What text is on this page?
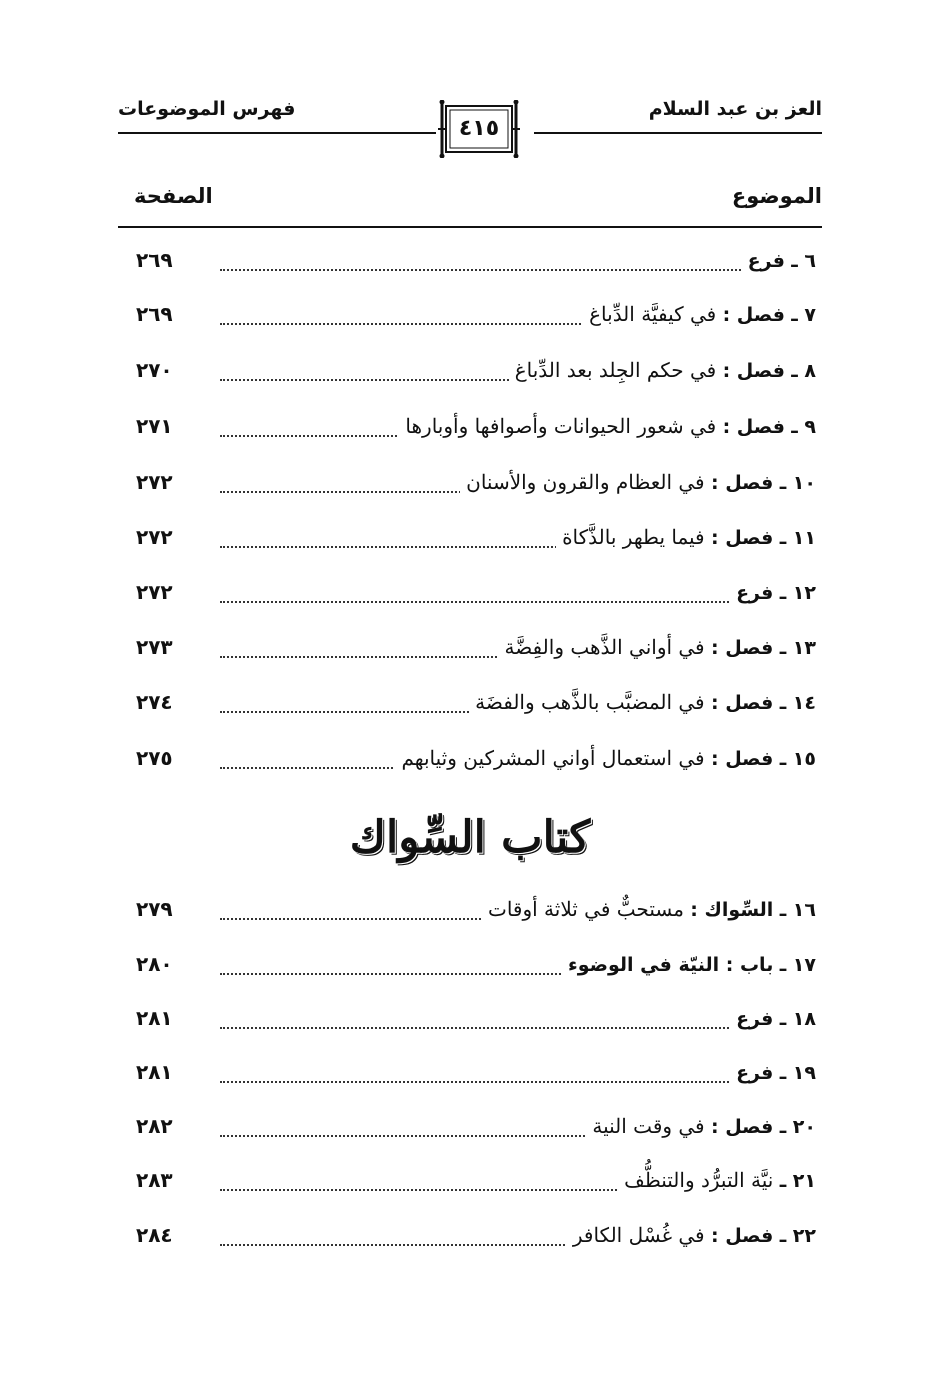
العز بن عبد السلام
٤١٥
فهرس الموضوعات
الموضوع
الصفحة
٦ ـ فرع
٢٦٩
٧ ـ فصل : في كيفيَّة الدِّباغ
٢٦٩
٨ ـ فصل : في حكم الجِلد بعد الدِّباغ
٢٧٠
٩ ـ فصل : في شعور الحيوانات وأصوافها وأوبارها
٢٧١
١٠ ـ فصل : في العظام والقرون والأسنان
٢٧٢
١١ ـ فصل : فيما يطهر بالذَّكاة
٢٧٢
١٢ ـ فرع
٢٧٢
١٣ ـ فصل : في أواني الذَّهب والفِضَّة
٢٧٣
١٤ ـ فصل : في المضبَّب بالذَّهب والفضَة
٢٧٤
١٥ ـ فصل : في استعمال أواني المشركين وثيابهم
٢٧٥
كتاب السِّواك
١٦ ـ السِّواك : مستحبٌّ في ثلاثة أوقات
٢٧٩
١٧ ـ باب : النيّة في الوضوء
٢٨٠
١٨ ـ فرع
٢٨١
١٩ ـ فرع
٢٨١
٢٠ ـ فصل : في وقت النية
٢٨٢
٢١ ـ نيَّة التبرُّد والتنظُّف
٢٨٣
٢٢ ـ فصل : في غُسْل الكافر
٢٨٤
